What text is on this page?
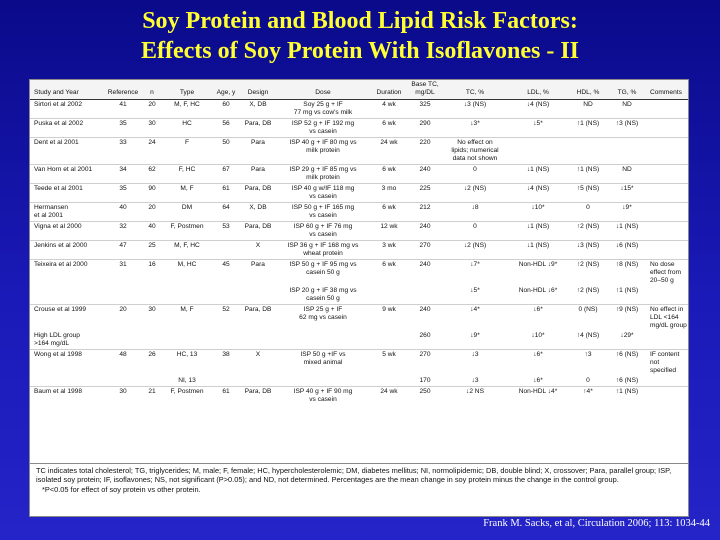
Soy Protein and Blood Lipid Risk Factors:
Effects of Soy Protein With Isoflavones - II
Study and Year	Reference	n	Type	Age, y	Design	Dose	Duration	Base TC,
mg/DL	TC, %	LDL, %	HDL, %	TG, %	Comments
Sirtori et al 2002	41	20	M, F, HC	60	X, DB	Soy 25 g + IF
77 mg vs cow's milk	4 wk	325	↓3 (NS)	↓4 (NS)	ND	ND	
Puska et al 2002	35	30	HC	56	Para, DB	ISP 52 g + IF 192 mg
vs casein	6 wk	290	↓3*	↓5*	↑1 (NS)	↑3 (NS)	
Dent et al 2001	33	24	F	50	Para	ISP 40 g + IF 80 mg vs
milk protein	24 wk	220	No effect on
lipids; numerical
data not shown				
Van Horn et al 2001	34	62	F, HC	67	Para	ISP 29 g + IF 85 mg vs
milk protein	6 wk	240	0	↓1 (NS)	↑1 (NS)	ND	
Teede et al 2001	35	90	M, F	61	Para, DB	ISP 40 g w/IF 118 mg
vs casein	3 mo	225	↓2 (NS)	↓4 (NS)	↑5 (NS)	↓15*	
Hermansen
et al 2001	40	20	DM	64	X, DB	ISP 50 g + IF 165 mg
vs casein	6 wk	212	↓8	↓10*	0	↓9*	
Vigna et al 2000	32	40	F, Postmen	53	Para, DB	ISP 60 g + IF 76 mg
vs casein	12 wk	240	0	↓1 (NS)	↑2 (NS)	↓1 (NS)	
Jenkins et al 2000	47	25	M, F, HC		X	ISP 36 g + IF 168 mg vs
wheat protein	3 wk	270	↓2 (NS)	↓1 (NS)	↓3 (NS)	↓6 (NS)	
Teixeira et al 2000	31	16	M, HC	45	Para	ISP 50 g + IF 95 mg vs
casein 50 g	6 wk	240	↓7*	Non-HDL ↓9*	↑2 (NS)	↑8 (NS)	No dose
effect from
20–50 g
						ISP 20 g + IF 38 mg vs
casein 50 g			↓5*	Non-HDL ↓6*	↑2 (NS)	↑1 (NS)	
Crouse et al 1999	20	30	M, F	52	Para, DB	ISP 25 g + IF
62 mg vs casein	9 wk	240	↓4*	↓6*	0 (NS)	↑9 (NS)	No effect in
LDL <164
mg/dL group
High LDL group
>164 mg/dL								260	↓9*	↓10*	↑4 (NS)	↓29*	
Wong et al 1998	48	26	HC, 13	38	X	ISP 50 g +IF vs
mixed animal	5 wk	270	↓3	↓6*	↑3	↑6 (NS)	IF content
not
specified
			NI, 13					170	↓3	↓6*	0	↑6 (NS)	
Baum et al 1998	30	21	F, Postmen	61	Para, DB	ISP 40 g + IF 90 mg
vs casein	24 wk	250	↓2 NS	Non-HDL ↓4*	↑4*	↑1 (NS)	

TC indicates total cholesterol; TG, triglycerides; M, male; F, female; HC, hypercholesterolemic; DM, diabetes mellitus; NI, normolipidemic; DB, double blind; X, crossover; Para, parallel group; ISP, isolated soy protein; IF, isoflavones; NS, not significant (P>0.05); and ND, not determined. Percentages are the mean change in soy protein minus the change in the control group.

*P<0.05 for effect of soy protein vs other protein.

Frank M. Sacks, et al, Circulation 2006; 113: 1034-44
